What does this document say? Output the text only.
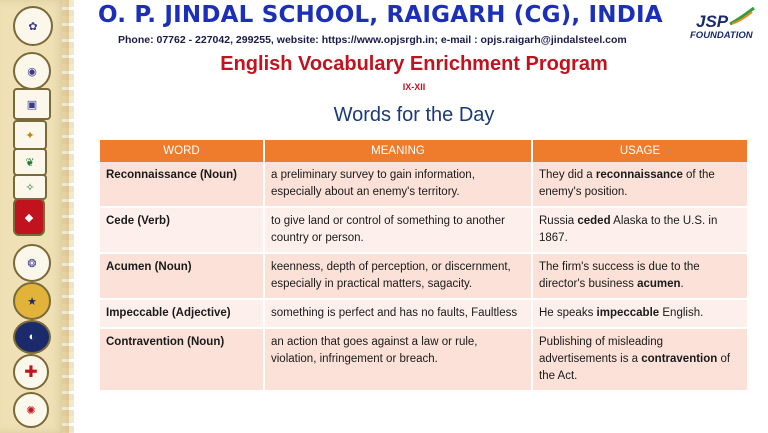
✿
◉
▣
✦
❦
✧
◆
❂
★
◐
✚
✺
O. P. JINDAL SCHOOL, RAIGARH (CG), INDIA
Phone: 07762 - 227042, 299255, website: https://www.opjsrgh.in; e-mail : opjs.raigarh@jindalsteel.com
JSP
FOUNDATION
English Vocabulary Enrichment Program
IX-XII
Words for the Day
WORD	MEANING	USAGE
Reconnaissance (Noun)	a preliminary survey to gain information, especially about an enemy's territory.	They did a reconnaissance of the enemy's position.
Cede (Verb)	to give land or control of something to another country or person.	Russia ceded Alaska to the U.S. in 1867.
Acumen (Noun)	keenness, depth of perception, or discernment, especially in practical matters, sagacity.	The firm's success is due to the director's business acumen.
Impeccable (Adjective)	something is perfect and has no faults, Faultless	He speaks impeccable English.
Contravention (Noun)	an action that goes against a law or rule, violation, infringement or breach.	Publishing of misleading advertisements is a contravention of the Act.
